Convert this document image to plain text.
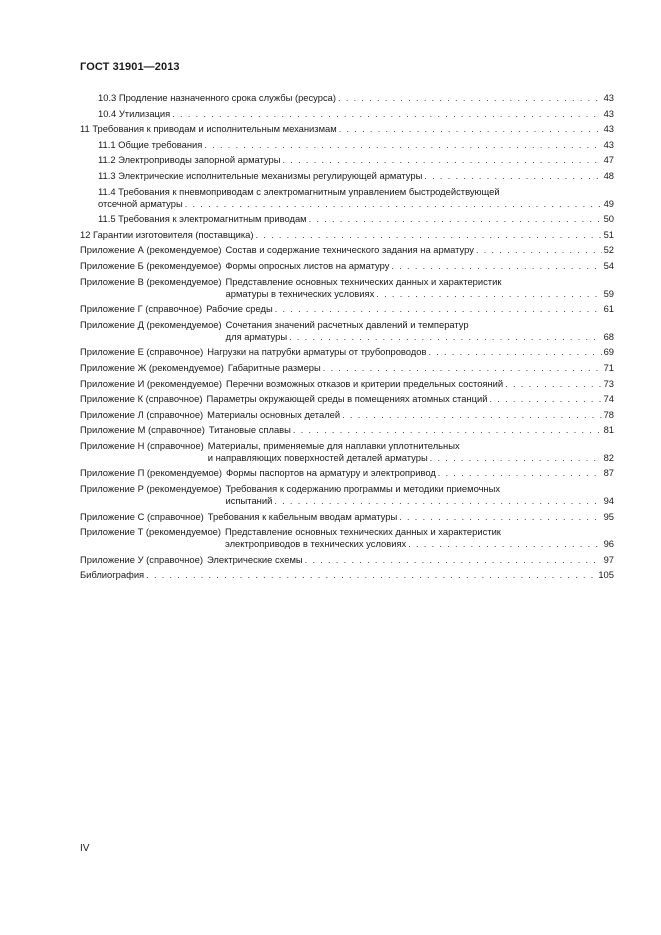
ГОСТ 31901—2013
10.3 Продление назначенного срока службы (ресурса) . . .	43
10.4 Утилизация . . .	43
11 Требования к приводам и исполнительным механизмам . . .	43
11.1 Общие требования . . .	43
11.2 Электроприводы запорной арматуры . . .	47
11.3 Электрические исполнительные механизмы регулирующей арматуры . . .	48
11.4 Требования к пневмоприводам с электромагнитным управлением быстродействующей
отсечной арматуры . . .	49
11.5 Требования к электромагнитным приводам . . .	50
12 Гарантии изготовителя (поставщика) . . .	51
Приложение А (рекомендуемое) Состав и содержание технического задания на арматуру . . .	52
Приложение Б (рекомендуемое) Формы опросных листов на арматуру . . .	54
Приложение В (рекомендуемое) Представление основных технических данных и характеристик
арматуры в технических условиях . . .	59
Приложение Г (справочное) Рабочие среды . . .	61
Приложение Д (рекомендуемое) Сочетания значений расчетных давлений и температур
для арматуры . . .	68
Приложение Е (справочное) Нагрузки на патрубки арматуры от трубопроводов . . .	69
Приложение Ж (рекомендуемое) Габаритные размеры . . .	71
Приложение И (рекомендуемое) Перечни возможных отказов и критерии предельных состояний . . .	73
Приложение К (справочное) Параметры окружающей среды в помещениях атомных станций . . .	74
Приложение Л (справочное) Материалы основных деталей . . .	78
Приложение М (справочное) Титановые сплавы . . .	81
Приложение Н (справочное) Материалы, применяемые для наплавки уплотнительных
и направляющих поверхностей деталей арматуры . . .	82
Приложение П (рекомендуемое) Формы паспортов на арматуру и электропривод . . .	87
Приложение Р (рекомендуемое) Требования к содержанию программы и методики приемочных
испытаний . . .	94
Приложение С (справочное) Требования к кабельным вводам арматуры . . .	95
Приложение Т (рекомендуемое) Представление основных технических данных и характеристик
электроприводов в технических условиях . . .	96
Приложение У (справочное) Электрические схемы . . .	97
Библиография . . .	105
IV
